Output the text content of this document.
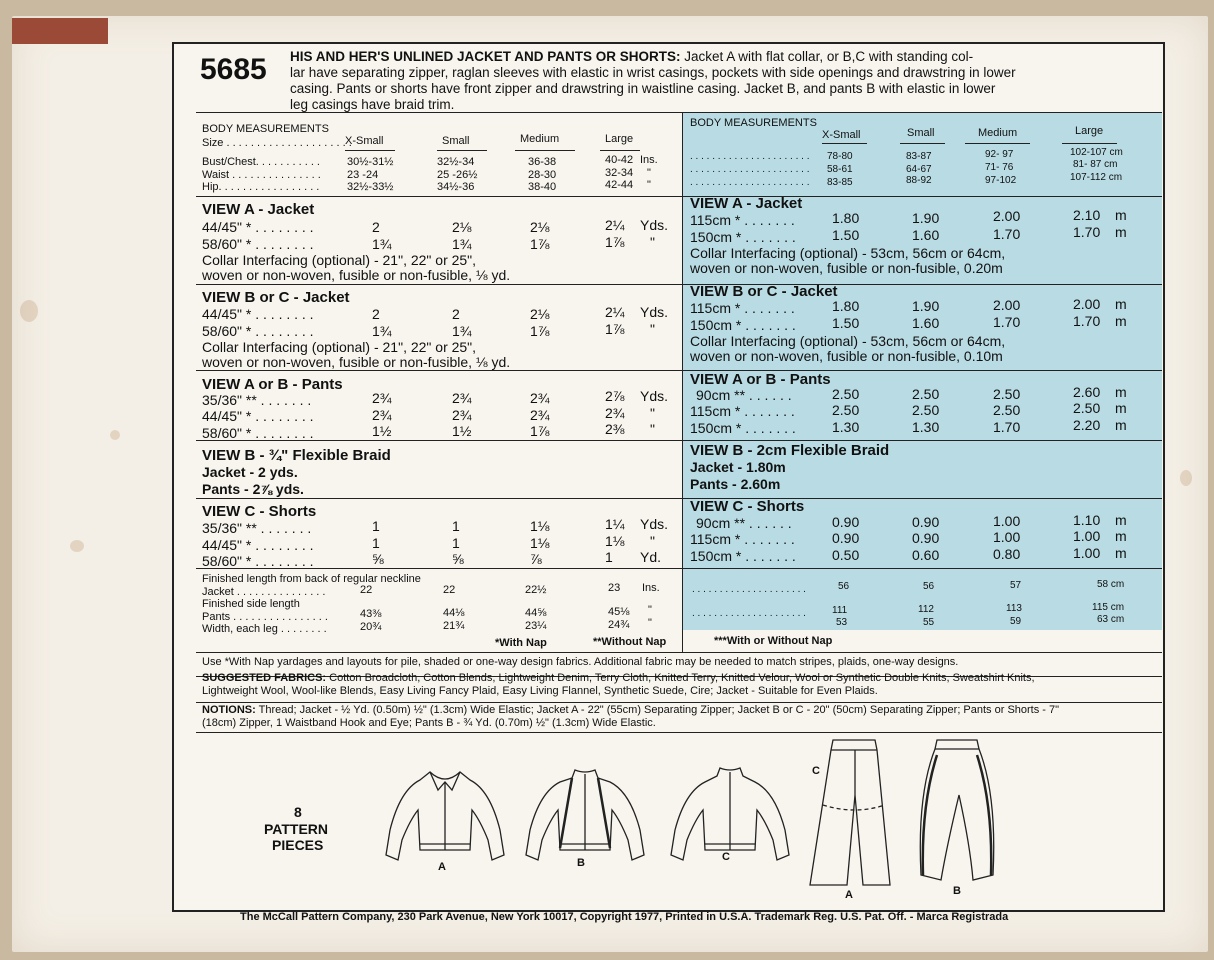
5685 HIS AND HER'S UNLINED JACKET AND PANTS OR SHORTS: Jacket A with flat collar, or B,C with standing col-
lar have separating zipper, raglan sleeves with elastic in wrist casings, pockets with side openings and drawstring in lower
casing. Pants or shorts have front zipper and drawstring in waistline casing. Jacket B, and pants B with elastic in lower
leg casings have braid trim.
BODY MEASUREMENTS
Size . . . . . . . . . . . . . . . . . . . . .
X-Small	Small	Medium	Large
Bust/Chest. . . . . . . . . . . 30½-31½	32½-34	36-38	40-42 Ins.
Waist . . . . . . . . . . . . . . . 23 -24	25 -26½	28-30	32-34 "
Hip. . . . . . . . . . . . . . . . .	32½-33½	34½-36	38-40	42-44 "
BODY MEASUREMENTS
X-Small	Small	Medium	Large
. . . . . . . . . . . . . . . . . . . . . .
. . . . . . . . . . . . . . . . . . . . . .
. . . . . . . . . . . . . . . . . . . . . .
78-80	83-87	92- 97	102-107 cm
58-61	64-67	71- 76	81- 87 cm
83-85	88-92	97-102	107-112 cm
VIEW A - Jacket
44/45" * . . . . . . . .	2	2⅛	2⅛	2¼ Yds.
58/60" * . . . . . . . .	1¾	1¾	1⅞	1⅞ "
Collar Interfacing (optional) - 21", 22" or 25",
woven or non-woven, fusible or non-fusible, ⅛ yd.
VIEW A - Jacket
115cm * . . . . . . .	1.80	1.90	2.00	2.10 m
150cm * . . . . . . .	1.50	1.60	1.70	1.70 m
Collar Interfacing (optional) - 53cm, 56cm or 64cm,
woven or non-woven, fusible or non-fusible, 0.20m
VIEW B or C - Jacket
44/45" * . . . . . . . .	2	2	2⅛	2¼ Yds.
58/60" * . . . . . . . .	1¾	1¾	1⅞	1⅞ "
Collar Interfacing (optional) - 21", 22" or 25",
woven or non-woven, fusible or non-fusible, ⅛ yd.
VIEW B or C - Jacket
115cm * . . . . . . .	1.80	1.90	2.00	2.00 m
150cm * . . . . . . .	1.50	1.60	1.70	1.70 m
Collar Interfacing (optional) - 53cm, 56cm or 64cm,
woven or non-woven, fusible or non-fusible, 0.10m
VIEW A or B - Pants
35/36" ** . . . . . . .	2¾	2¾	2¾	2⅞ Yds.
44/45" * . . . . . . . .	2¾	2¾	2¾	2¾ "
58/60" * . . . . . . . .	1½	1½	1⅞	2⅜ "
VIEW A or B - Pants
90cm ** . . . . . .	2.50	2.50	2.50	2.60 m
115cm * . . . . . . .	2.50	2.50	2.50	2.50 m
150cm * . . . . . . .	1.30	1.30	1.70	2.20 m
VIEW B - ¾" Flexible Braid
Jacket - 2 yds.
Pants - 2⅞ yds.
VIEW B - 2cm Flexible Braid
Jacket - 1.80m
Pants - 2.60m
VIEW C - Shorts
35/36" ** . . . . . . .	1	1	1⅛	1¼ Yds.
44/45" * . . . . . . . .	1	1	1⅛	1⅛ "
58/60" * . . . . . . . .	⅝	⅝	⅞	1 Yd.
VIEW C - Shorts
90cm ** . . . . . .	0.90	0.90	1.00	1.10 m
115cm * . . . . . . .	0.90	0.90	1.00	1.00 m
150cm * . . . . . . .	0.50	0.60	0.80	1.00 m
Finished length from back of regular neckline
Jacket . . . . . . . . . . . . . . .	22	22	22½	23 Ins.
Finished side length
Pants . . . . . . . . . . . . . . . .	43⅜	44⅛	44⅝	45⅛ "
Width, each leg . . . . . . . .	20¾	21¾	23¼	24¾ "
. . . . . . . . . . . . . . . . . . . . .
. . . . . . . . . . . . . . . . . . . . .
56	56	57	58 cm
111	112	113	115 cm
53	55	59	63 cm
*With Nap	**Without Nap	***With or Without Nap
Use *With Nap yardages and layouts for pile, shaded or one-way design fabrics. Additional fabric may be needed to match stripes, plaids, one-way designs.
SUGGESTED FABRICS: Cotton Broadcloth, Cotton Blends, Lightweight Denim, Terry Cloth, Knitted Terry, Knitted Velour, Wool or Synthetic Double Knits, Sweatshirt Knits,
Lightweight Wool, Wool-like Blends, Easy Living Fancy Plaid, Easy Living Flannel, Synthetic Suede, Cire; Jacket - Suitable for Even Plaids.
NOTIONS: Thread; Jacket - ½ Yd. (0.50m) ½" (1.3cm) Wide Elastic; Jacket A - 22" (55cm) Separating Zipper; Jacket B or C - 20" (50cm) Separating Zipper; Pants or Shorts - 7"
(18cm) Zipper, 1 Waistband Hook and Eye; Pants B - ¾ Yd. (0.70m) ½" (1.3cm) Wide Elastic.
8
PATTERN
PIECES
A	B	C
C
A	B
The McCall Pattern Company, 230 Park Avenue, New York 10017, Copyright 1977, Printed in U.S.A. Trademark Reg. U.S. Pat. Off. - Marca Registrada
